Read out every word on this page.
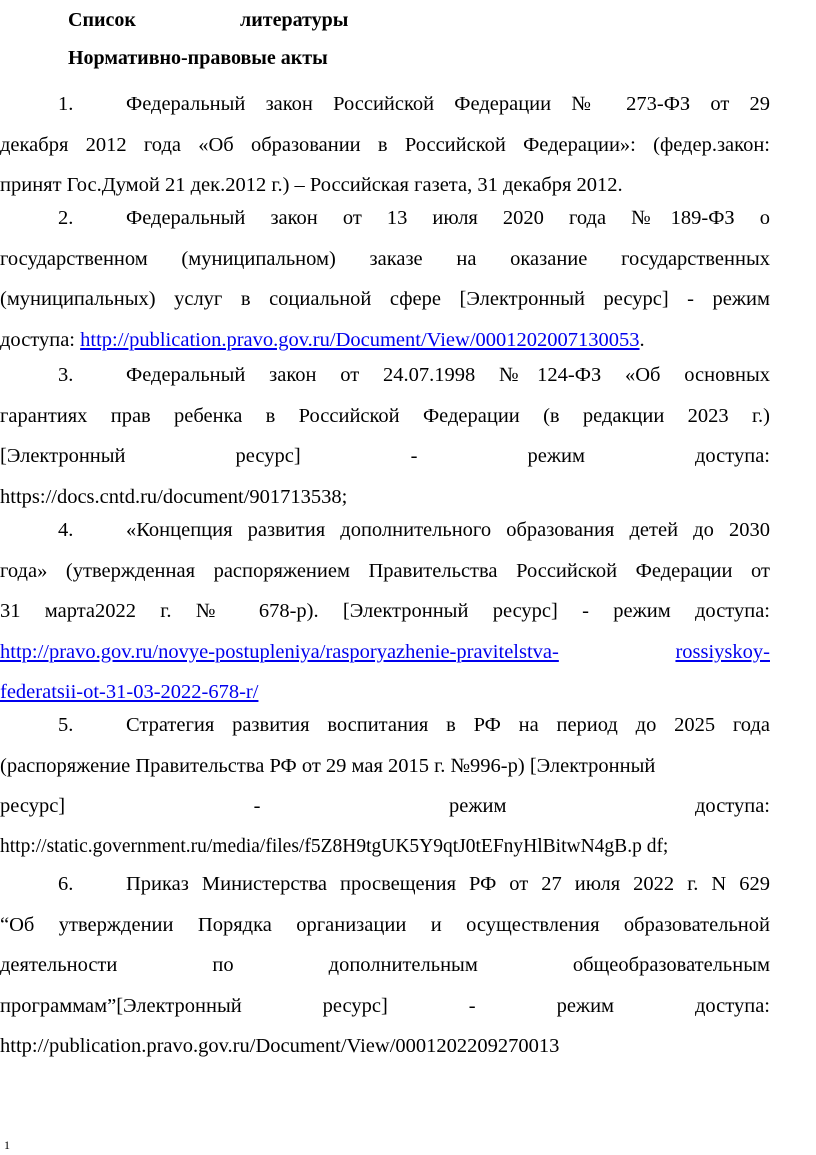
Список	литературы
Нормативно-правовые акты
1.	Федеральный закон Российской Федерации № 273-ФЗ от 29
декабря 2012 года «Об образовании в Российской Федерации»: (федер.закон:
принят Гос.Думой 21 дек.2012 г.) – Российская газета, 31 декабря 2012.
2.	Федеральный закон от 13 июля 2020 года №189-ФЗ о
государственном (муниципальном) заказе на оказание государственных
(муниципальных) услуг в социальной сфере [Электронный ресурс] - режим
доступа: http://publication.pravo.gov.ru/Document/View/0001202007130053.
3.	Федеральный закон от 24.07.1998 №124-ФЗ «Об основных
гарантиях прав ребенка в Российской Федерации (в редакции 2023 г.)
[Электронный ресурс] - режим доступа:
https://docs.cntd.ru/document/901713538;
4.	«Концепция развития дополнительного образования детей до 2030
года» (утвержденная распоряжением Правительства Российской Федерации от
31 марта2022 г. № 678-р). [Электронный ресурс] - режим доступа:
http://pravo.gov.ru/novye-postupleniya/rasporyazhenie-pravitelstva-	rossiyskoy-
federatsii-ot-31-03-2022-678-r/
5.	Стратегия развития воспитания в РФ на период до 2025 года
(распоряжение Правительства РФ от 29 мая 2015 г. №996-р) [Электронный
ресурс] - режим доступа:
http://static.government.ru/media/files/f5Z8H9tgUK5Y9qtJ0tEFnyHlBitwN4gB.p df;
6.	Приказ Министерства просвещения РФ от 27 июля 2022 г. N 629
“Об утверждении Порядка организации и осуществления образовательной
деятельности по дополнительным общеобразовательным
программам”[Электронный ресурс] - режим доступа:
http://publication.pravo.gov.ru/Document/View/0001202209270013
1
